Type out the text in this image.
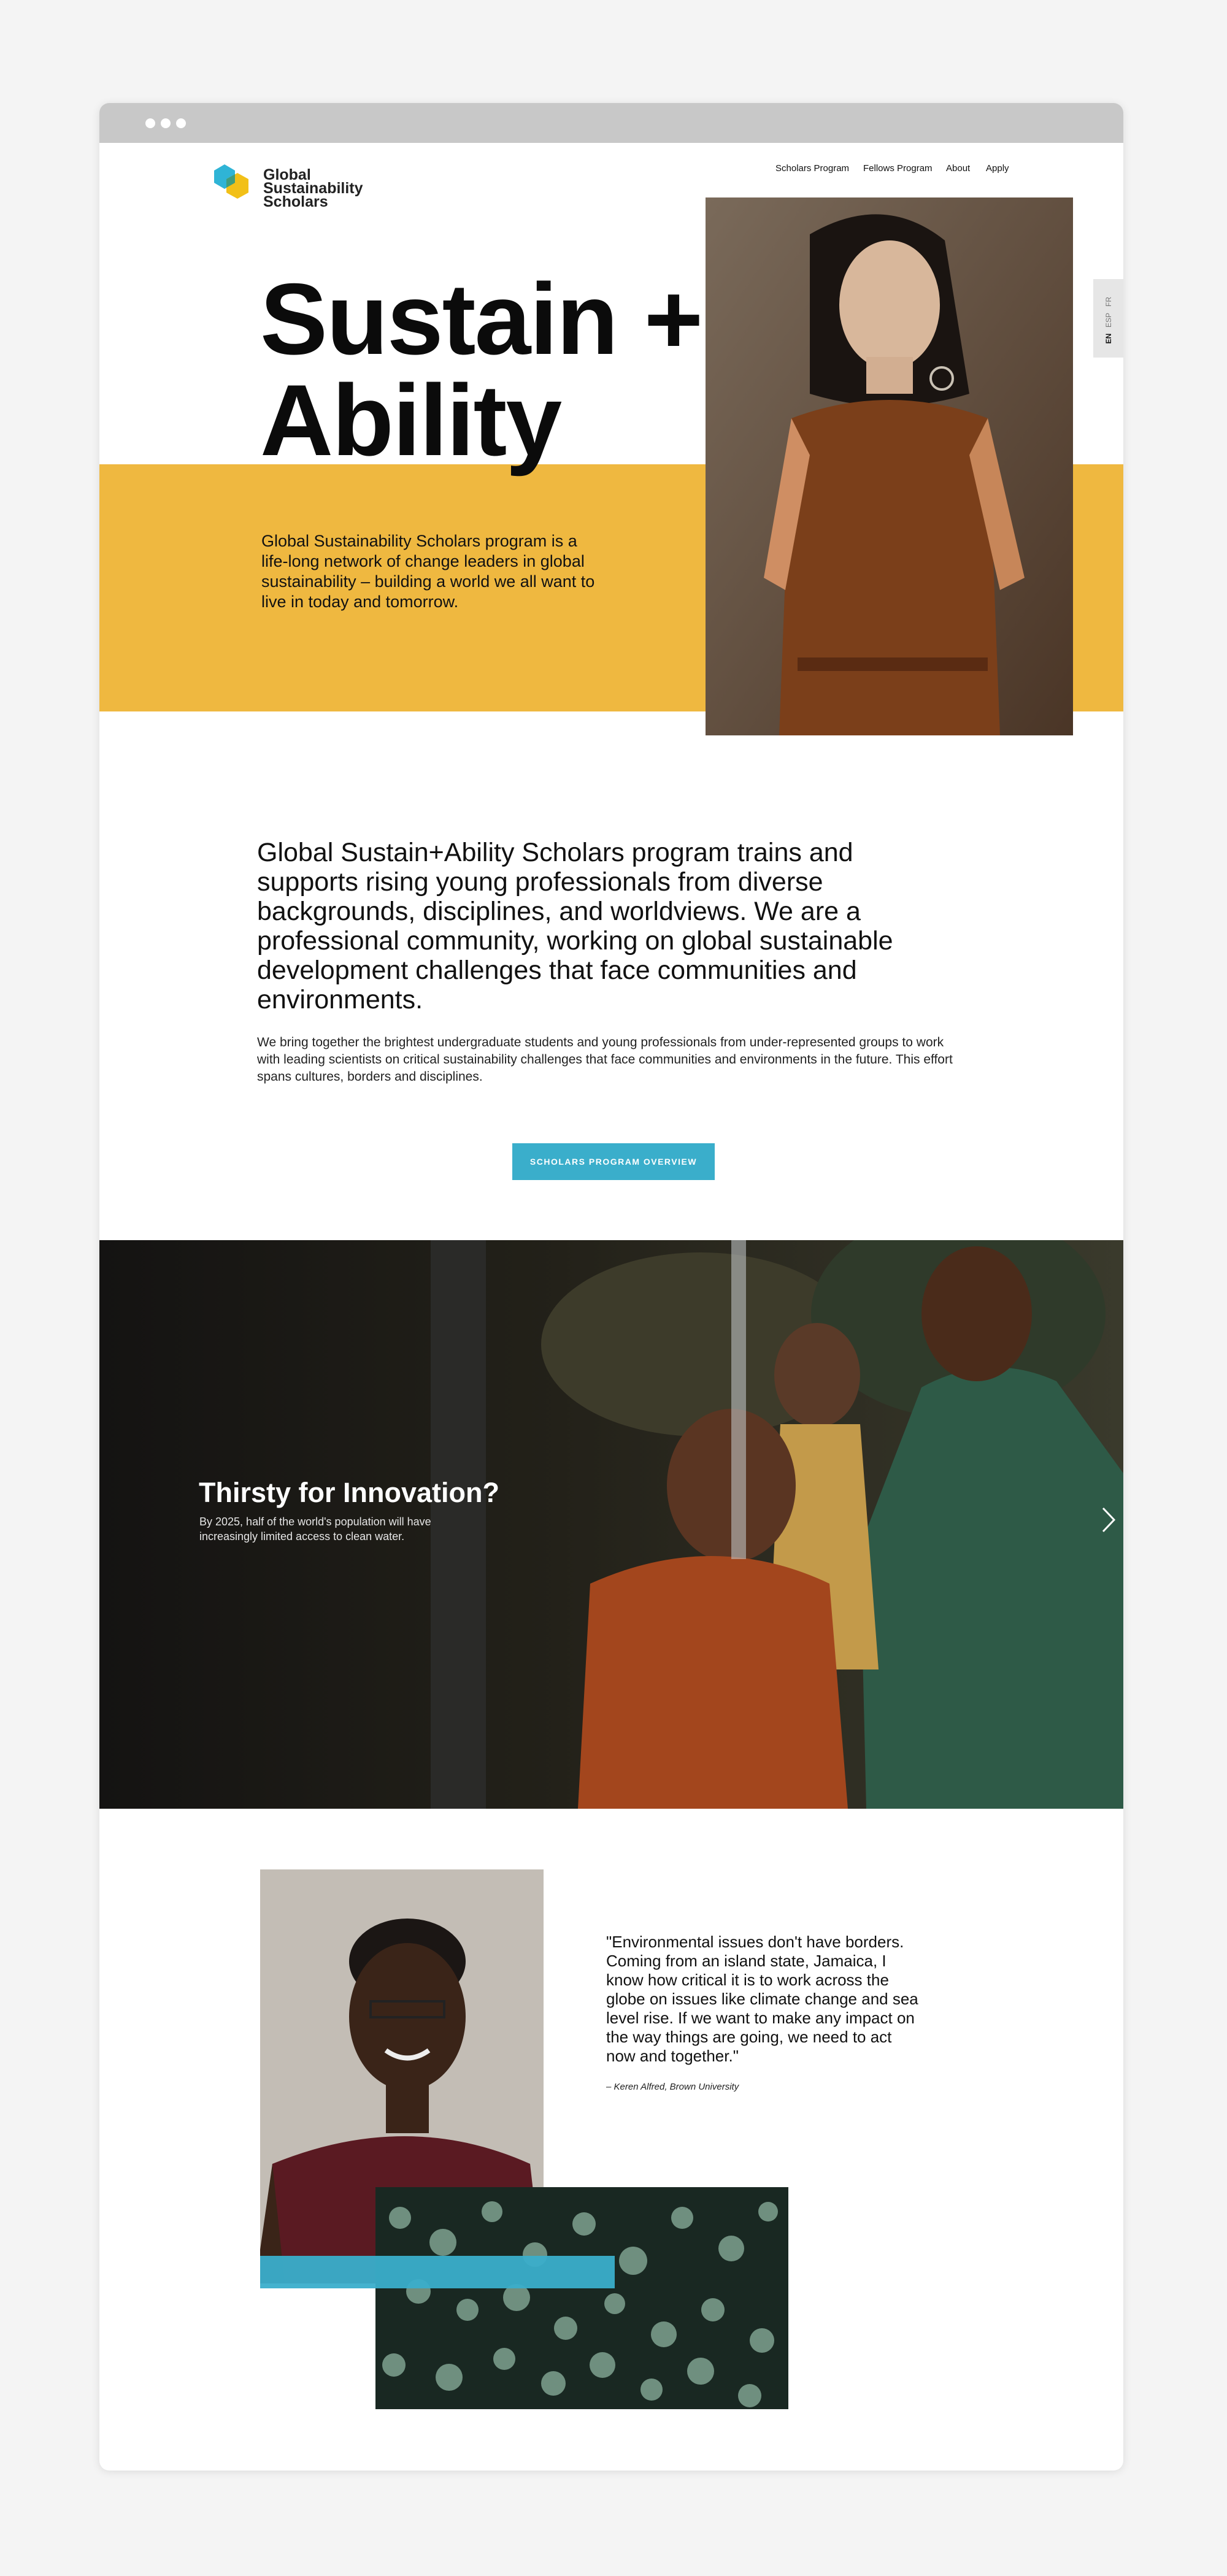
Global
Sustainability
Scholars
Scholars Program Fellows Program About Apply
EN
ESP
FR
Sustain +
Ability
Global Sustainability Scholars program is a life-long network of change leaders in global sustainability – building a world we all want to live in today and tomorrow.
Global Sustain+Ability Scholars program trains and supports rising young professionals from diverse backgrounds, disciplines, and worldviews. We are a professional community, working on global sustainable development challenges that face communities and environments.
We bring together the brightest undergraduate students and young professionals from under-represented groups to work with leading scientists on critical sustainability challenges that face communities and environments in the future. This effort spans cultures, borders and disciplines.
SCHOLARS PROGRAM OVERVIEW
Thirsty for Innovation?
By 2025, half of the world's population will have increasingly limited access to clean water.
"Environmental issues don't have borders. Coming from an island state, Jamaica, I know how critical it is to work across the globe on issues like climate change and sea level rise. If we want to make any impact on the way things are going, we need to act now and together."
– Keren Alfred, Brown University
